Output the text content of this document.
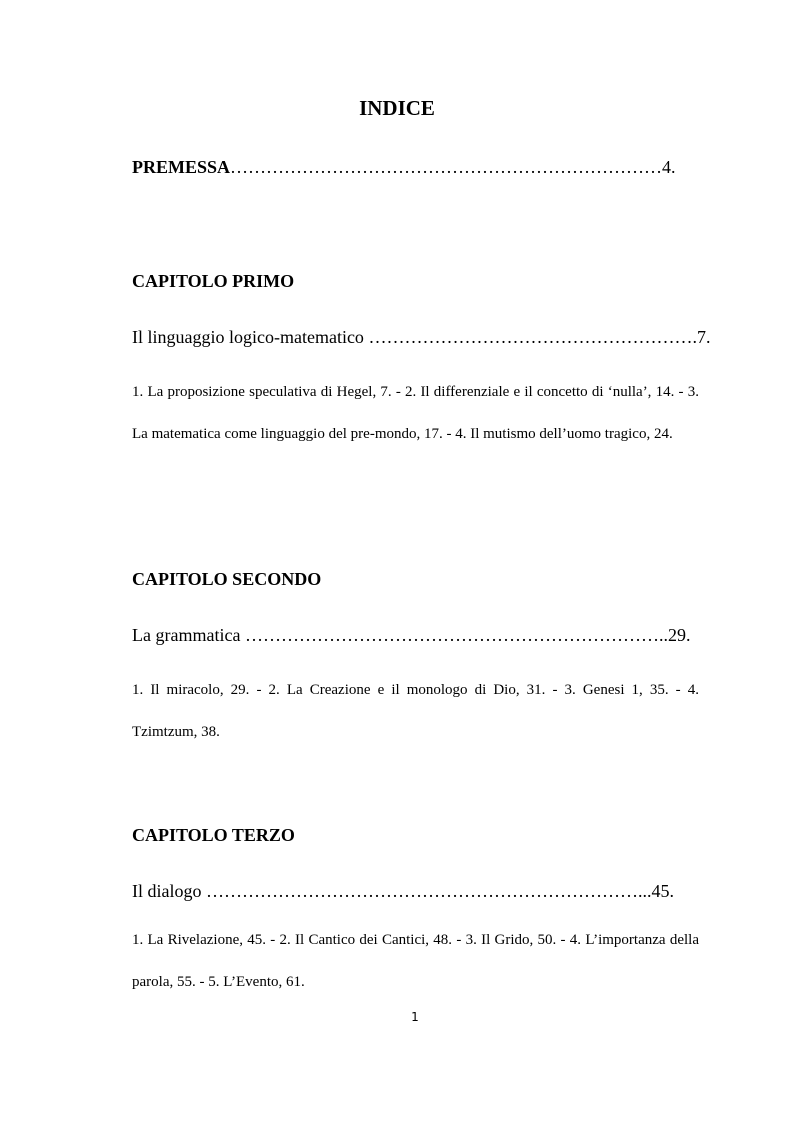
INDICE
PREMESSA………………………………………………………………4.
CAPITOLO PRIMO
Il linguaggio logico-matematico ……………………………………………….7.
1. La proposizione speculativa di Hegel, 7. - 2. Il differenziale e il concetto di ‘nulla’, 14. - 3. La matematica come linguaggio del pre-mondo, 17. - 4. Il mutismo dell’uomo tragico, 24.
CAPITOLO SECONDO
La grammatica ……………………………………………………………..29.
1. Il miracolo, 29. - 2. La Creazione e il monologo di Dio, 31. - 3. Genesi 1, 35. - 4. Tzimtzum, 38.
CAPITOLO TERZO
Il dialogo ………………………………………………………………...45.
1. La Rivelazione, 45. - 2. Il Cantico dei Cantici, 48. - 3. Il Grido, 50. - 4. L’importanza della parola, 55. - 5. L’Evento, 61.
1
